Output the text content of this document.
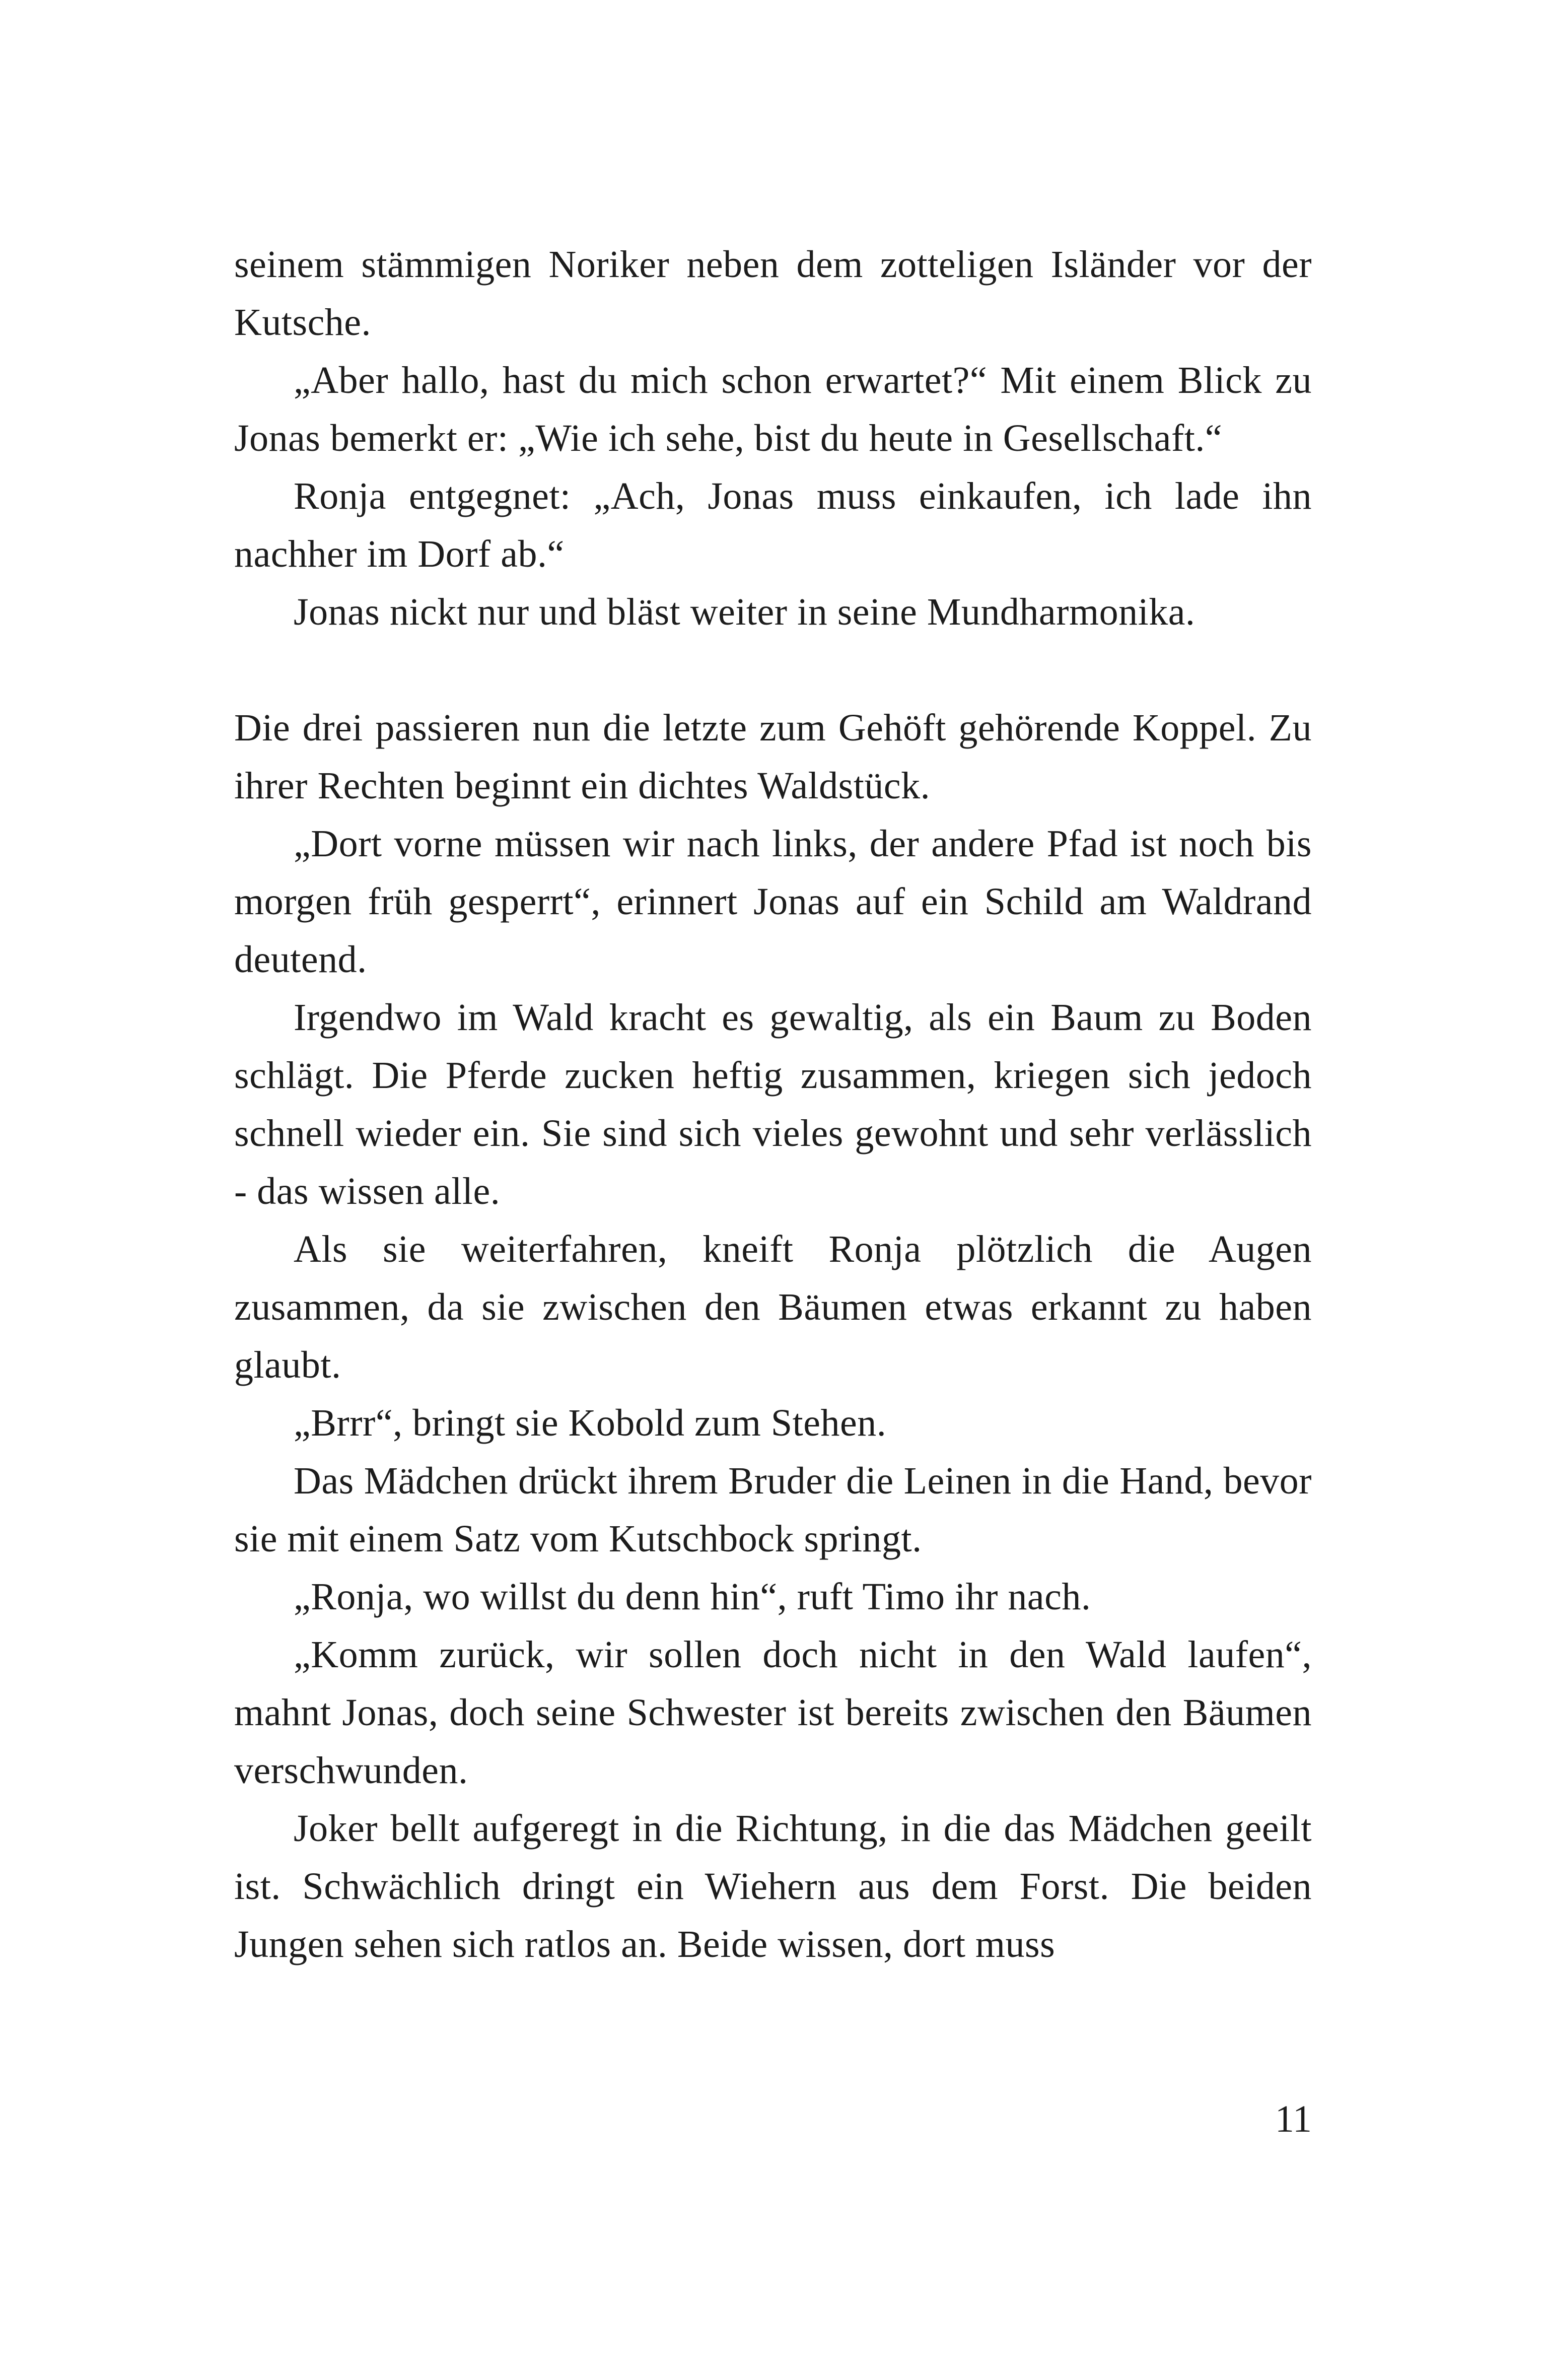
seinem stämmigen Noriker neben dem zotteligen Isländer vor der Kutsche.

„Aber hallo, hast du mich schon erwartet?“ Mit einem Blick zu Jonas bemerkt er: „Wie ich sehe, bist du heute in Gesellschaft.“

Ronja entgegnet: „Ach, Jonas muss einkaufen, ich lade ihn nachher im Dorf ab.“

Jonas nickt nur und bläst weiter in seine Mundharmonika.

Die drei passieren nun die letzte zum Gehöft gehörende Koppel. Zu ihrer Rechten beginnt ein dichtes Waldstück.

„Dort vorne müssen wir nach links, der andere Pfad ist noch bis morgen früh gesperrt“, erinnert Jonas auf ein Schild am Waldrand deutend.

Irgendwo im Wald kracht es gewaltig, als ein Baum zu Boden schlägt. Die Pferde zucken heftig zusammen, kriegen sich jedoch schnell wieder ein. Sie sind sich vieles gewohnt und sehr verlässlich - das wissen alle.

Als sie weiterfahren, kneift Ronja plötzlich die Augen zusammen, da sie zwischen den Bäumen etwas erkannt zu haben glaubt.

„Brrr“, bringt sie Kobold zum Stehen.

Das Mädchen drückt ihrem Bruder die Leinen in die Hand, bevor sie mit einem Satz vom Kutschbock springt.

„Ronja, wo willst du denn hin“, ruft Timo ihr nach.

„Komm zurück, wir sollen doch nicht in den Wald laufen“, mahnt Jonas, doch seine Schwester ist bereits zwischen den Bäumen verschwunden.

Joker bellt aufgeregt in die Richtung, in die das Mädchen geeilt ist. Schwächlich dringt ein Wiehern aus dem Forst. Die beiden Jungen sehen sich ratlos an. Beide wissen, dort muss

11
